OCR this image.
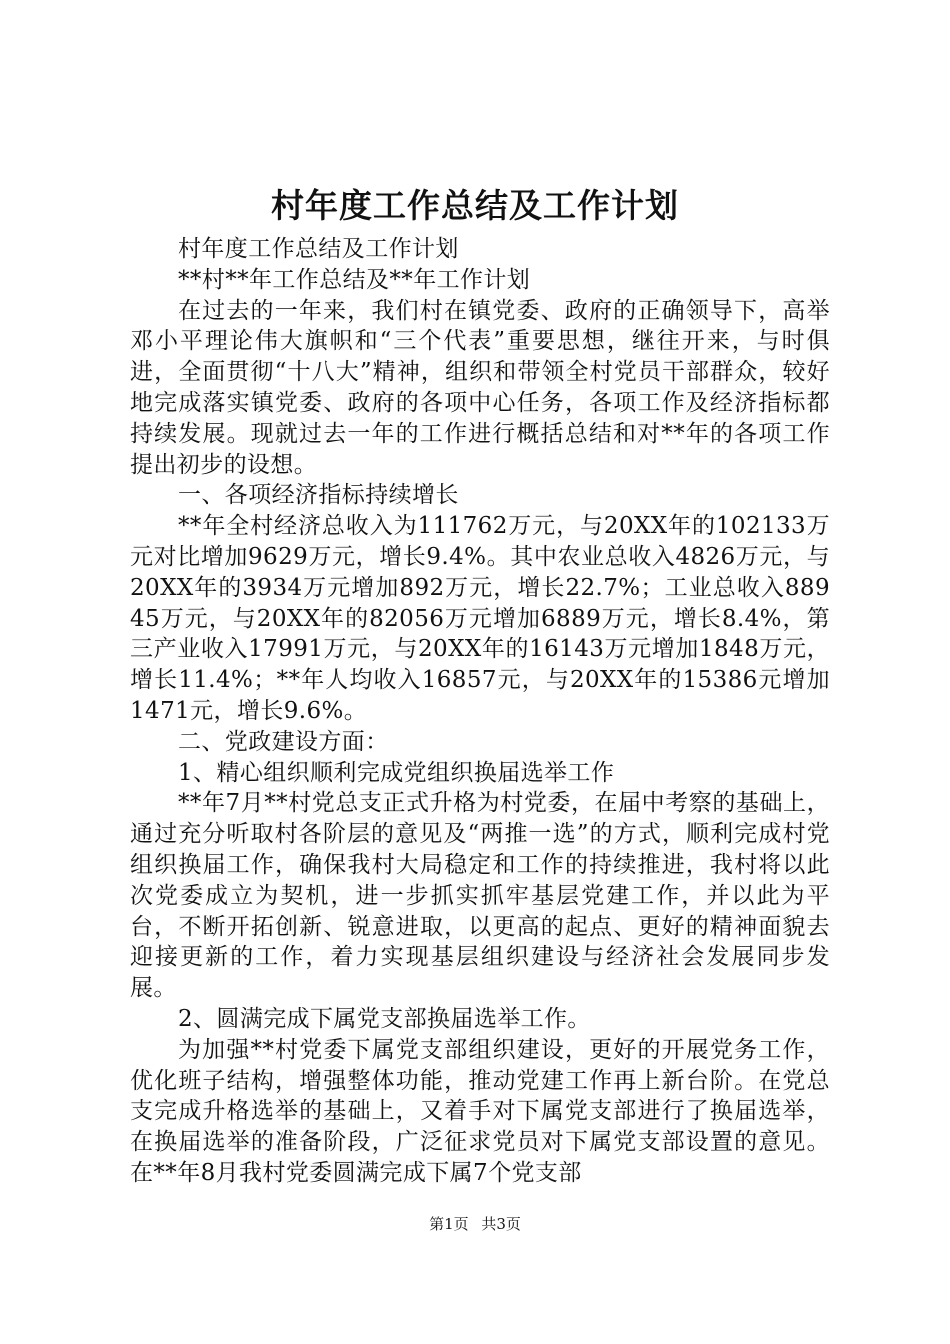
村年度工作总结及工作计划

村年度工作总结及工作计划

**村**年工作总结及**年工作计划

在过去的一年来，我们村在镇党委、政府的正确领导下，高举邓小平理论伟大旗帜和“三个代表”重要思想，继往开来，与时俱进，全面贯彻“十八大”精神，组织和带领全村党员干部群众，较好地完成落实镇党委、政府的各项中心任务，各项工作及经济指标都持续发展。现就过去一年的工作进行概括总结和对**年的各项工作提出初步的设想。

一、各项经济指标持续增长

**年全村经济总收入为111762万元，与20XX年的102133万元对比增加9629万元，增长9.4%。其中农业总收入4826万元，与20XX年的3934万元增加892万元，增长22.7%；工业总收入88945万元，与20XX年的82056万元增加6889万元，增长8.4%，第三产业收入17991万元，与20XX年的16143万元增加1848万元，增长11.4%；**年人均收入16857元，与20XX年的15386元增加1471元，增长9.6%。

二、党政建设方面：

1、精心组织顺利完成党组织换届选举工作

**年7月**村党总支正式升格为村党委，在届中考察的基础上，通过充分听取村各阶层的意见及“两推一选”的方式，顺利完成村党组织换届工作，确保我村大局稳定和工作的持续推进，我村将以此次党委成立为契机，进一步抓实抓牢基层党建工作，并以此为平台，不断开拓创新、锐意进取，以更高的起点、更好的精神面貌去迎接更新的工作，着力实现基层组织建设与经济社会发展同步发展。

2、圆满完成下属党支部换届选举工作。

为加强**村党委下属党支部组织建设，更好的开展党务工作，优化班子结构，增强整体功能，推动党建工作再上新台阶。在党总支完成升格选举的基础上，又着手对下属党支部进行了换届选举，在换届选举的准备阶段，广泛征求党员对下属党支部设置的意见。在**年8月我村党委圆满完成下属7个党支部

第1页 共3页
